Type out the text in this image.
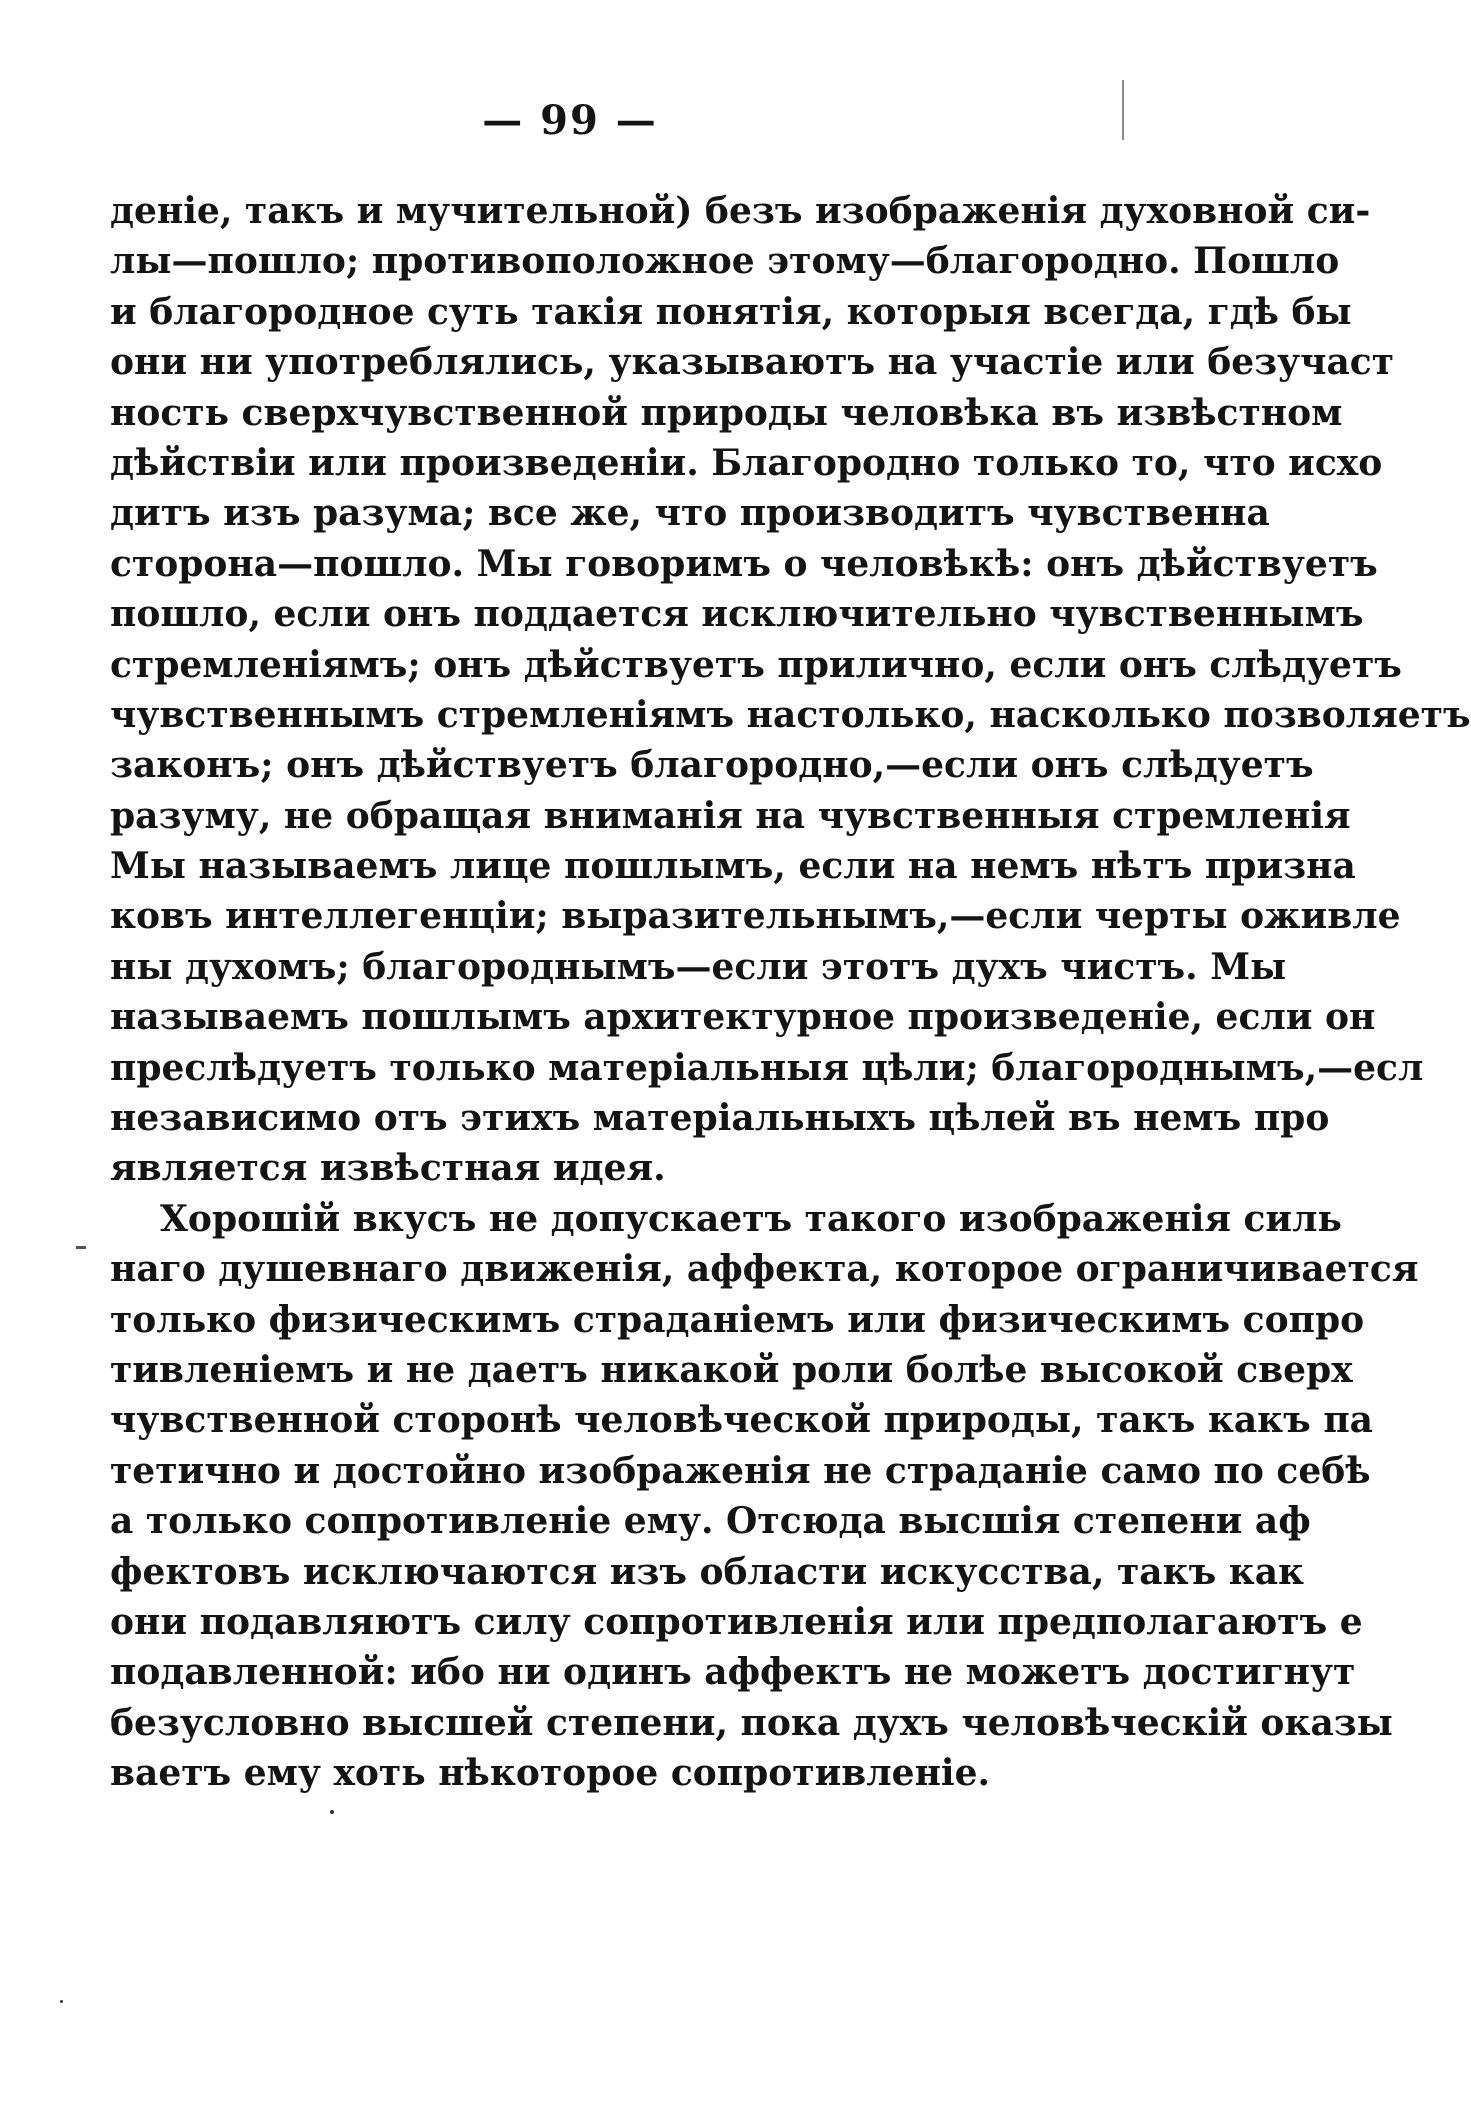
— 99 —
деніе, такъ и мучительной) безъ изображенія духовной си-
лы—пошло; противоположное этому—благородно. Пошло
и благородное суть такія понятія, которыя всегда, гдѣ бы
они ни употреблялись, указываютъ на участіе или безучаст
ность сверхчувственной природы человѣка въ извѣстном
дѣйствіи или произведеніи. Благородно только то, что исхо
дитъ изъ разума; все же, что производитъ чувственна
сторона—пошло. Мы говоримъ о человѣкѣ: онъ дѣйствуетъ
пошло, если онъ поддается исключительно чувственнымъ
стремленіямъ; онъ дѣйствуетъ прилично, если онъ слѣдуетъ
чувственнымъ стремленіямъ настолько, насколько позволяетъ
законъ; онъ дѣйствуетъ благородно,—если онъ слѣдуетъ
разуму, не обращая вниманія на чувственныя стремленія
Мы называемъ лице пошлымъ, если на немъ нѣтъ призна
ковъ интеллегенціи; выразительнымъ,—если черты оживле
ны духомъ; благороднымъ—если этотъ духъ чистъ. Мы
называемъ пошлымъ архитектурное произведеніе, если он
преслѣдуетъ только матеріальныя цѣли; благороднымъ,—есл
независимо отъ этихъ матеріальныхъ цѣлей въ немъ про
является извѣстная идея.
Хорошій вкусъ не допускаетъ такого изображенія силь
наго душевнаго движенія, аффекта, которое ограничивается
только физическимъ страданіемъ или физическимъ сопро
тивленіемъ и не даетъ никакой роли болѣе высокой сверх
чувственной сторонѣ человѣческой природы, такъ какъ па
тетично и достойно изображенія не страданіе само по себѣ
а только сопротивленіе ему. Отсюда высшія степени аф
фектовъ исключаются изъ области искусства, такъ как
они подавляютъ силу сопротивленія или предполагаютъ е
подавленной: ибо ни одинъ аффектъ не можетъ достигнут
безусловно высшей степени, пока духъ человѣческій оказы
ваетъ ему хоть нѣкоторое сопротивленіе.
